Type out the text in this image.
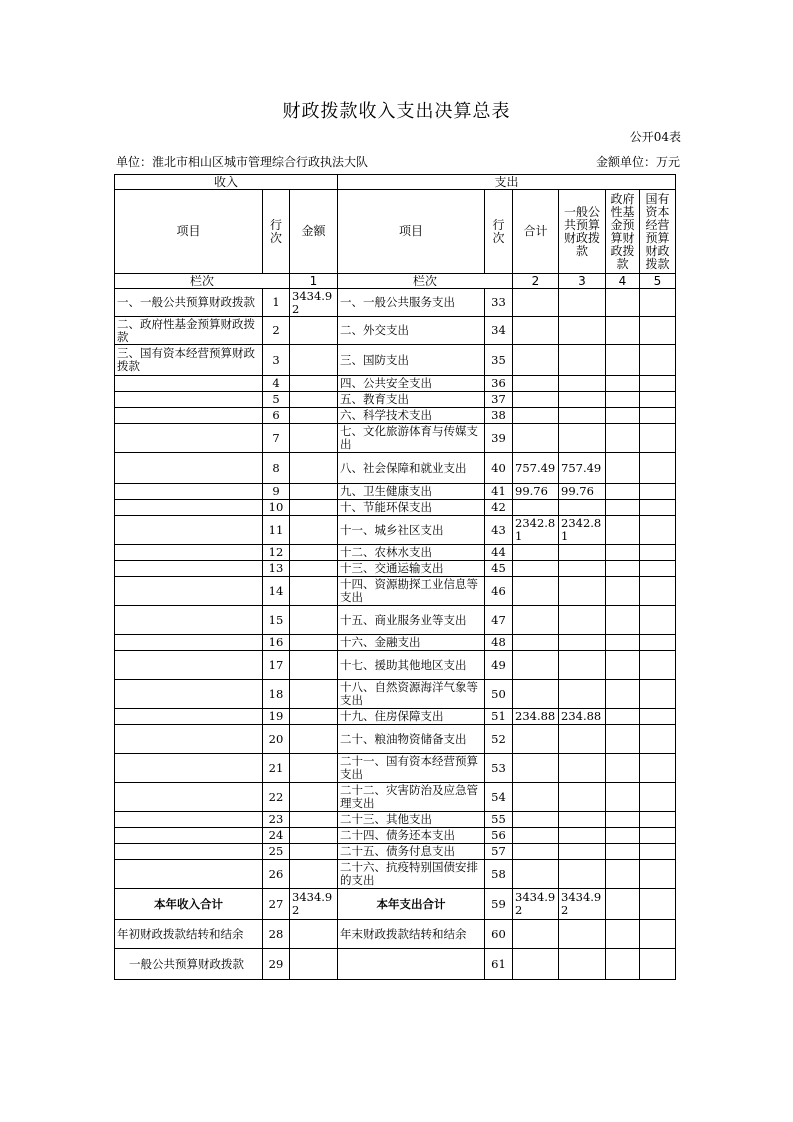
财政拨款收入支出决算总表
公开04表
单位：淮北市相山区城市管理综合行政执法大队	金额单位：万元
收入			支出					
项目	行次	金额	项目	行次	合计	一般公共预算财政拨款	政府性基金预算财政拨款	国有资本经营预算财政拨款
栏次		1	栏次		2	3	4	5
一、一般公共预算财政拨款	1	3434.92	一、一般公共服务支出	33				
二、政府性基金预算财政拨款	2		二、外交支出	34				
三、国有资本经营预算财政拨款	3		三、国防支出	35				
	4		四、公共安全支出	36				
	5		五、教育支出	37				
	6		六、科学技术支出	38				
	7		七、文化旅游体育与传媒支出	39				
	8		八、社会保障和就业支出	40	757.49	757.49		
	9		九、卫生健康支出	41	99.76	99.76		
	10		十、节能环保支出	42				
	11		十一、城乡社区支出	43	2342.81	2342.81		
	12		十二、农林水支出	44				
	13		十三、交通运输支出	45				
	14		十四、资源勘探工业信息等支出	46				
	15		十五、商业服务业等支出	47				
	16		十六、金融支出	48				
	17		十七、援助其他地区支出	49				
	18		十八、自然资源海洋气象等支出	50				
	19		十九、住房保障支出	51	234.88	234.88		
	20		二十、粮油物资储备支出	52				
	21		二十一、国有资本经营预算支出	53				
	22		二十二、灾害防治及应急管理支出	54				
	23		二十三、其他支出	55				
	24		二十四、债务还本支出	56				
	25		二十五、债务付息支出	57				
	26		二十六、抗疫特别国债安排的支出	58				
本年收入合计	27	3434.92	本年支出合计	59	3434.92	3434.92		
年初财政拨款结转和结余	28		年末财政拨款结转和结余	60				
一般公共预算财政拨款	29			61				
